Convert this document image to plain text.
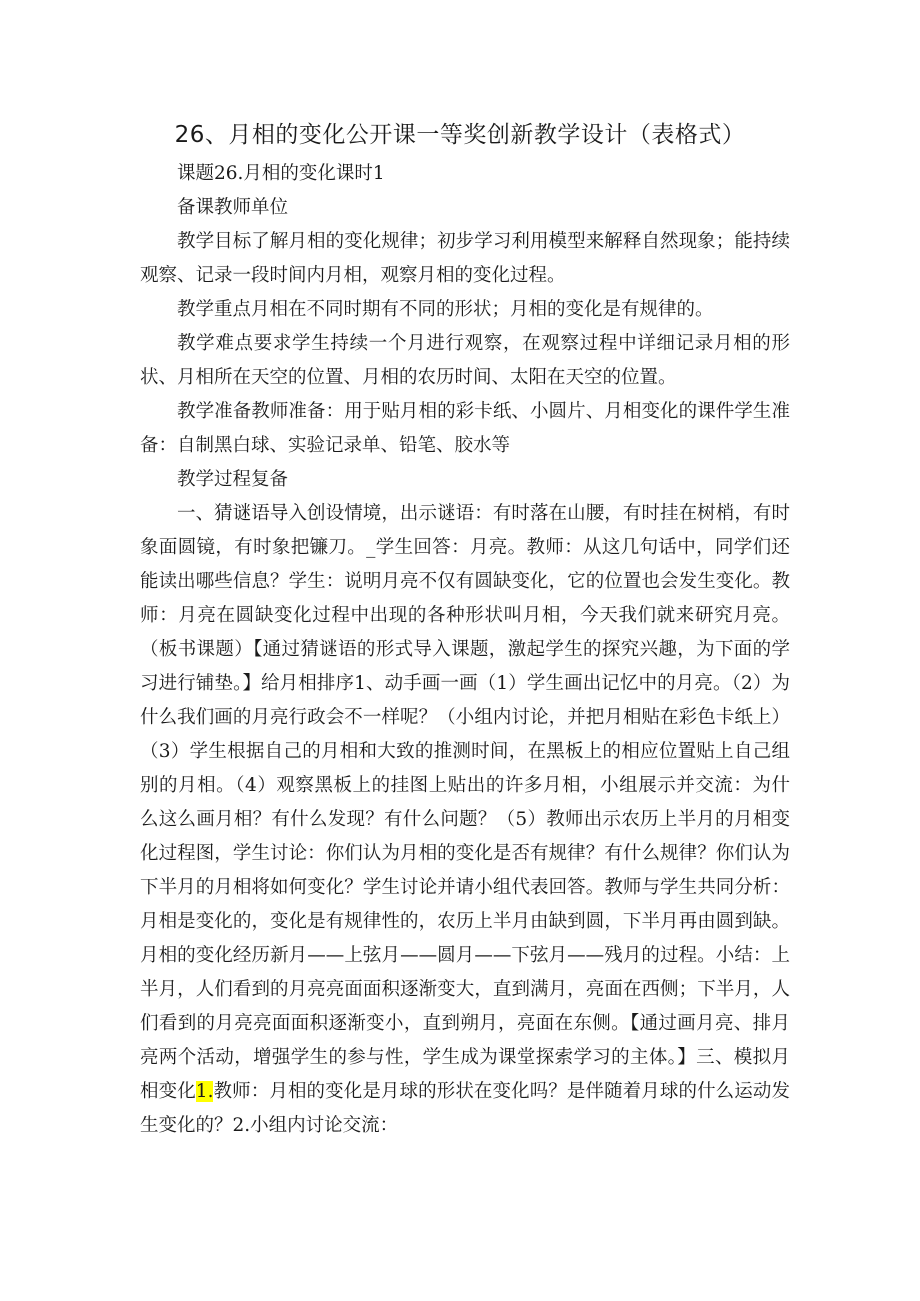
26、月相的变化公开课一等奖创新教学设计（表格式）

课题26.月相的变化课时1

备课教师单位

教学目标了解月相的变化规律；初步学习利用模型来解释自然现象；能持续观察、记录一段时间内月相，观察月相的变化过程。

教学重点月相在不同时期有不同的形状；月相的变化是有规律的。

教学难点要求学生持续一个月进行观察，在观察过程中详细记录月相的形状、月相所在天空的位置、月相的农历时间、太阳在天空的位置。

教学准备教师准备：用于贴月相的彩卡纸、小圆片、月相变化的课件学生准备：自制黑白球、实验记录单、铅笔、胶水等

教学过程复备

一、猜谜语导入创设情境，出示谜语：有时落在山腰，有时挂在树梢，有时象面圆镜，有时象把镰刀。_学生回答：月亮。教师：从这几句话中，同学们还能读出哪些信息？学生：说明月亮不仅有圆缺变化，它的位置也会发生变化。教师：月亮在圆缺变化过程中出现的各种形状叫月相，今天我们就来研究月亮。（板书课题）【通过猜谜语的形式导入课题，激起学生的探究兴趣，为下面的学习进行铺垫。】给月相排序1、动手画一画（1）学生画出记忆中的月亮。（2）为什么我们画的月亮行政会不一样呢？（小组内讨论，并把月相贴在彩色卡纸上）（3）学生根据自己的月相和大致的推测时间，在黑板上的相应位置贴上自己组别的月相。（4）观察黑板上的挂图上贴出的许多月相，小组展示并交流：为什么这么画月相？有什么发现？有什么问题？（5）教师出示农历上半月的月相变化过程图，学生讨论：你们认为月相的变化是否有规律？有什么规律？你们认为下半月的月相将如何变化？学生讨论并请小组代表回答。教师与学生共同分析：月相是变化的，变化是有规律性的，农历上半月由缺到圆，下半月再由圆到缺。月相的变化经历新月——上弦月——圆月——下弦月——残月的过程。小结：上半月，人们看到的月亮亮面面积逐渐变大，直到满月，亮面在西侧；下半月，人们看到的月亮亮面面积逐渐变小，直到朔月，亮面在东侧。【通过画月亮、排月亮两个活动，增强学生的参与性，学生成为课堂探索学习的主体。】三、模拟月相变化1.教师：月相的变化是月球的形状在变化吗？是伴随着月球的什么运动发生变化的？2.小组内讨论交流：
